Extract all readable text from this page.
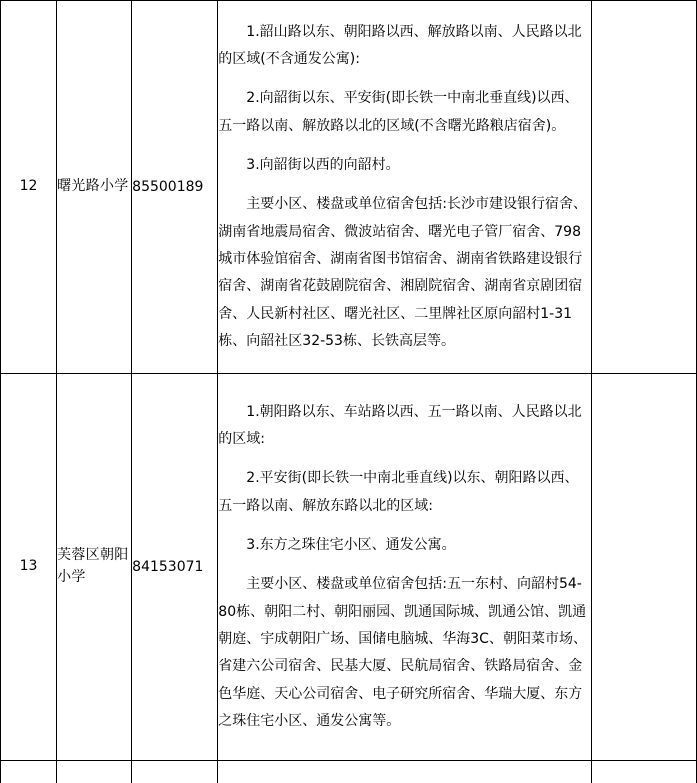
12	曙光路小学	85500189	1.韶山路以东、朝阳路以西、解放路以南、人民路以北的区域(不含通发公寓):

2.向韶街以东、平安街(即长铁一中南北垂直线)以西、五一路以南、解放路以北的区域(不含曙光路粮店宿舍)。

3.向韶街以西的向韶村。

主要小区、楼盘或单位宿舍包括:长沙市建设银行宿舍、湖南省地震局宿舍、微波站宿舍、曙光电子管厂宿舍、798城市体验馆宿舍、湖南省图书馆宿舍、湖南省铁路建设银行宿舍、湖南省花鼓剧院宿舍、湘剧院宿舍、湖南省京剧团宿舍、人民新村社区、曙光社区、二里牌社区原向韶村1-31栋、向韶社区32-53栋、长铁高层等。	

13	芙蓉区朝阳小学	84153071	1.朝阳路以东、车站路以西、五一路以南、人民路以北的区域:

2.平安街(即长铁一中南北垂直线)以东、朝阳路以西、五一路以南、解放东路以北的区域:

3.东方之珠住宅小区、通发公寓。

主要小区、楼盘或单位宿舍包括:五一东村、向韶村54-80栋、朝阳二村、朝阳丽园、凯通国际城、凯通公馆、凯通朝庭、宇成朝阳广场、国储电脑城、华海3C、朝阳菜市场、省建六公司宿舍、民基大厦、民航局宿舍、铁路局宿舍、金色华庭、天心公司宿舍、电子研究所宿舍、华瑞大厦、东方之珠住宅小区、通发公寓等。	
